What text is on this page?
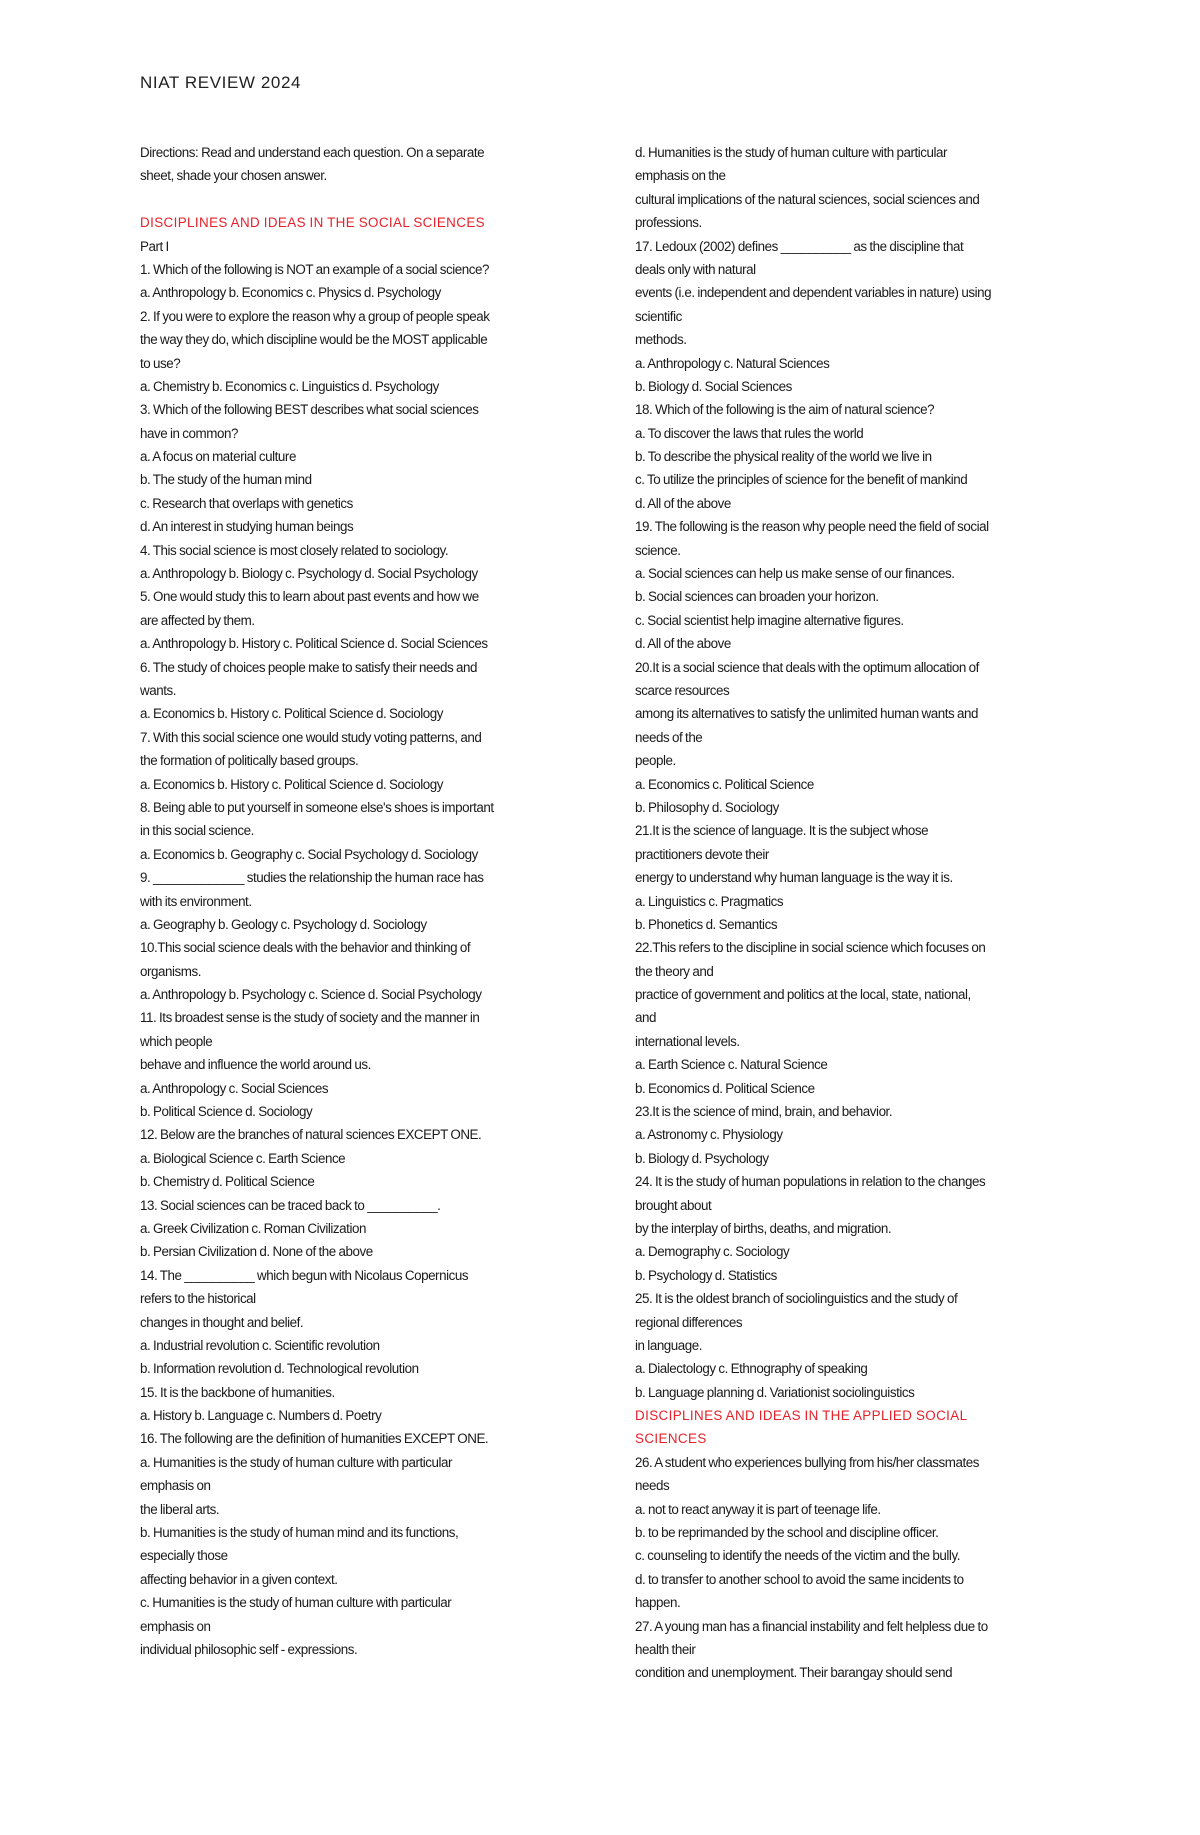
NIAT REVIEW 2024
Directions: Read and understand each question. On a separate
sheet, shade your chosen answer.
DISCIPLINES AND IDEAS IN THE SOCIAL SCIENCES
Part I
1. Which of the following is NOT an example of a social science?
a. Anthropology b. Economics c. Physics d. Psychology
2. If you were to explore the reason why a group of people speak
the way they do, which discipline would be the MOST applicable
to use?
a. Chemistry b. Economics c. Linguistics d. Psychology
3. Which of the following BEST describes what social sciences
have in common?
a. A focus on material culture
b. The study of the human mind
c. Research that overlaps with genetics
d. An interest in studying human beings
4. This social science is most closely related to sociology.
a. Anthropology b. Biology c. Psychology d. Social Psychology
5. One would study this to learn about past events and how we
are affected by them.
a. Anthropology b. History c. Political Science d. Social Sciences
6. The study of choices people make to satisfy their needs and
wants.
a. Economics b. History c. Political Science d. Sociology
7. With this social science one would study voting patterns, and
the formation of politically based groups.
a. Economics b. History c. Political Science d. Sociology
8. Being able to put yourself in someone else's shoes is important
in this social science.
a. Economics b. Geography c. Social Psychology d. Sociology
9. _____________ studies the relationship the human race has
with its environment.
a. Geography b. Geology c. Psychology d. Sociology
10.This social science deals with the behavior and thinking of
organisms.
a. Anthropology b. Psychology c. Science d. Social Psychology
11. Its broadest sense is the study of society and the manner in
which people
behave and influence the world around us.
a. Anthropology c. Social Sciences
b. Political Science d. Sociology
12. Below are the branches of natural sciences EXCEPT ONE.
a. Biological Science c. Earth Science
b. Chemistry d. Political Science
13. Social sciences can be traced back to __________.
a. Greek Civilization c. Roman Civilization
b. Persian Civilization d. None of the above
14. The __________ which begun with Nicolaus Copernicus
refers to the historical
changes in thought and belief.
a. Industrial revolution c. Scientific revolution
b. Information revolution d. Technological revolution
15. It is the backbone of humanities.
a. History b. Language c. Numbers d. Poetry
16. The following are the definition of humanities EXCEPT ONE.
a. Humanities is the study of human culture with particular
emphasis on
the liberal arts.
b. Humanities is the study of human mind and its functions,
especially those
affecting behavior in a given context.
c. Humanities is the study of human culture with particular
emphasis on
individual philosophic self - expressions.
d. Humanities is the study of human culture with particular
emphasis on the
cultural implications of the natural sciences, social sciences and
professions.
17. Ledoux (2002) defines __________ as the discipline that
deals only with natural
events (i.e. independent and dependent variables in nature) using
scientific
methods.
a. Anthropology c. Natural Sciences
b. Biology d. Social Sciences
18. Which of the following is the aim of natural science?
a. To discover the laws that rules the world
b. To describe the physical reality of the world we live in
c. To utilize the principles of science for the benefit of mankind
d. All of the above
19. The following is the reason why people need the field of social
science.
a. Social sciences can help us make sense of our finances.
b. Social sciences can broaden your horizon.
c. Social scientist help imagine alternative figures.
d. All of the above
20.It is a social science that deals with the optimum allocation of
scarce resources
among its alternatives to satisfy the unlimited human wants and
needs of the
people.
a. Economics c. Political Science
b. Philosophy d. Sociology
21.It is the science of language. It is the subject whose
practitioners devote their
energy to understand why human language is the way it is.
a. Linguistics c. Pragmatics
b. Phonetics d. Semantics
22.This refers to the discipline in social science which focuses on
the theory and
practice of government and politics at the local, state, national,
and
international levels.
a. Earth Science c. Natural Science
b. Economics d. Political Science
23.It is the science of mind, brain, and behavior.
a. Astronomy c. Physiology
b. Biology d. Psychology
24. It is the study of human populations in relation to the changes
brought about
by the interplay of births, deaths, and migration.
a. Demography c. Sociology
b. Psychology d. Statistics
25. It is the oldest branch of sociolinguistics and the study of
regional differences
in language.
a. Dialectology c. Ethnography of speaking
b. Language planning d. Variationist sociolinguistics
DISCIPLINES AND IDEAS IN THE APPLIED SOCIAL
SCIENCES
26. A student who experiences bullying from his/her classmates
needs
a. not to react anyway it is part of teenage life.
b. to be reprimanded by the school and discipline officer.
c. counseling to identify the needs of the victim and the bully.
d. to transfer to another school to avoid the same incidents to
happen.
27. A young man has a financial instability and felt helpless due to
health their
condition and unemployment. Their barangay should send
